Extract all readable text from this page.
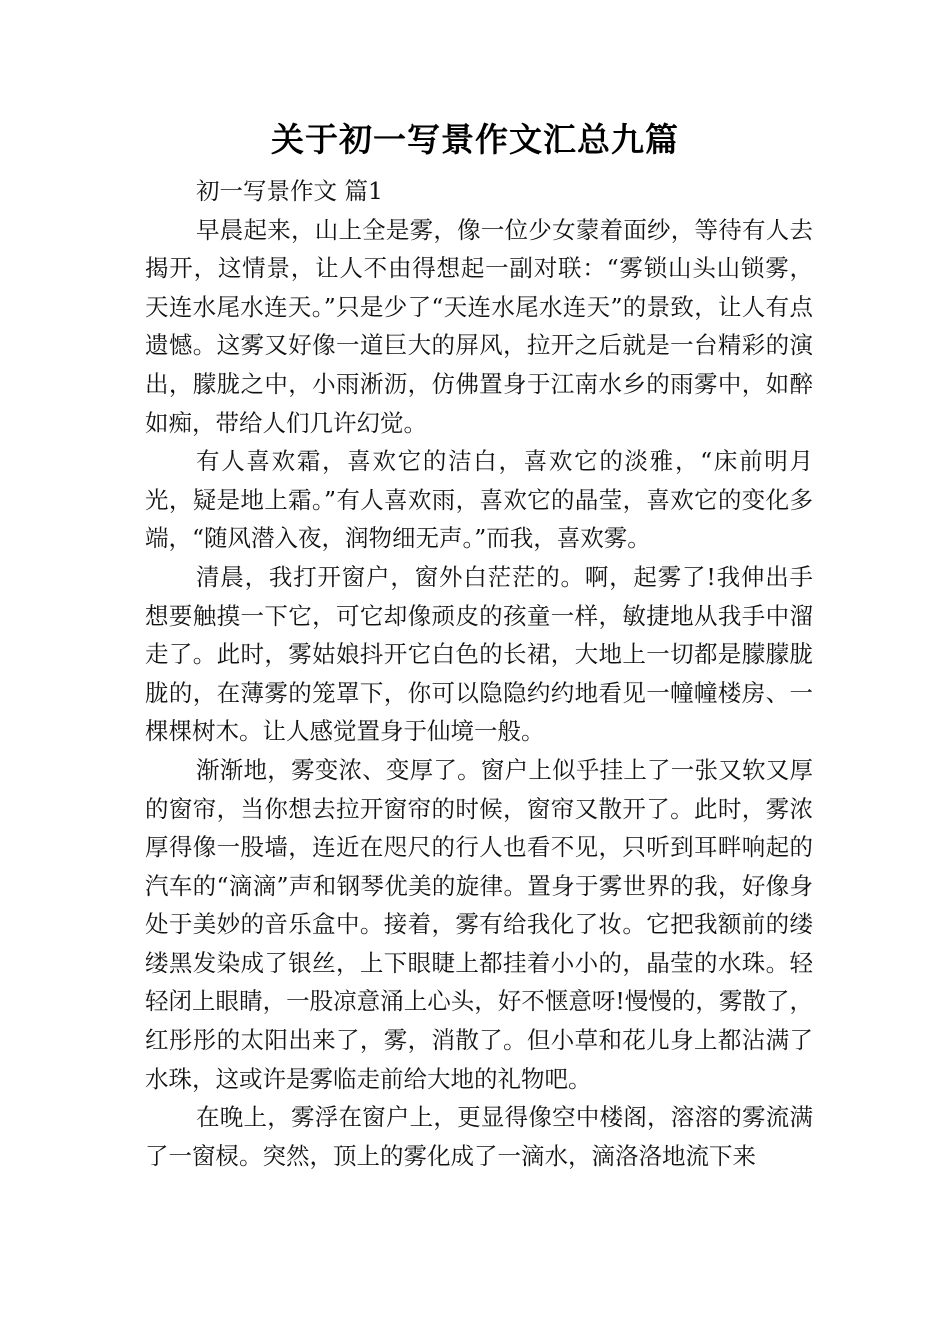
关于初一写景作文汇总九篇

初一写景作文 篇1

早晨起来，山上全是雾，像一位少女蒙着面纱，等待有人去揭开，这情景，让人不由得想起一副对联：“雾锁山头山锁雾，天连水尾水连天。”只是少了“天连水尾水连天”的景致，让人有点遗憾。这雾又好像一道巨大的屏风，拉开之后就是一台精彩的演出，朦胧之中，小雨淅沥，仿佛置身于江南水乡的雨雾中，如醉如痴，带给人们几许幻觉。

有人喜欢霜，喜欢它的洁白，喜欢它的淡雅，“床前明月光，疑是地上霜。”有人喜欢雨，喜欢它的晶莹，喜欢它的变化多端，“随风潜入夜，润物细无声。”而我，喜欢雾。

清晨，我打开窗户，窗外白茫茫的。啊，起雾了!我伸出手想要触摸一下它，可它却像顽皮的孩童一样，敏捷地从我手中溜走了。此时，雾姑娘抖开它白色的长裙，大地上一切都是朦朦胧胧的，在薄雾的笼罩下，你可以隐隐约约地看见一幢幢楼房、一棵棵树木。让人感觉置身于仙境一般。

渐渐地，雾变浓、变厚了。窗户上似乎挂上了一张又软又厚的窗帘，当你想去拉开窗帘的时候，窗帘又散开了。此时，雾浓厚得像一股墙，连近在咫尺的行人也看不见，只听到耳畔响起的汽车的“滴滴”声和钢琴优美的旋律。置身于雾世界的我，好像身处于美妙的音乐盒中。接着，雾有给我化了妆。它把我额前的缕缕黑发染成了银丝，上下眼睫上都挂着小小的，晶莹的水珠。轻轻闭上眼睛，一股凉意涌上心头，好不惬意呀!慢慢的，雾散了，红彤彤的太阳出来了，雾，消散了。但小草和花儿身上都沾满了水珠，这或许是雾临走前给大地的礼物吧。

在晚上，雾浮在窗户上，更显得像空中楼阁，溶溶的雾流满了一窗棂。突然，顶上的雾化成了一滴水，滴洛洛地流下来
